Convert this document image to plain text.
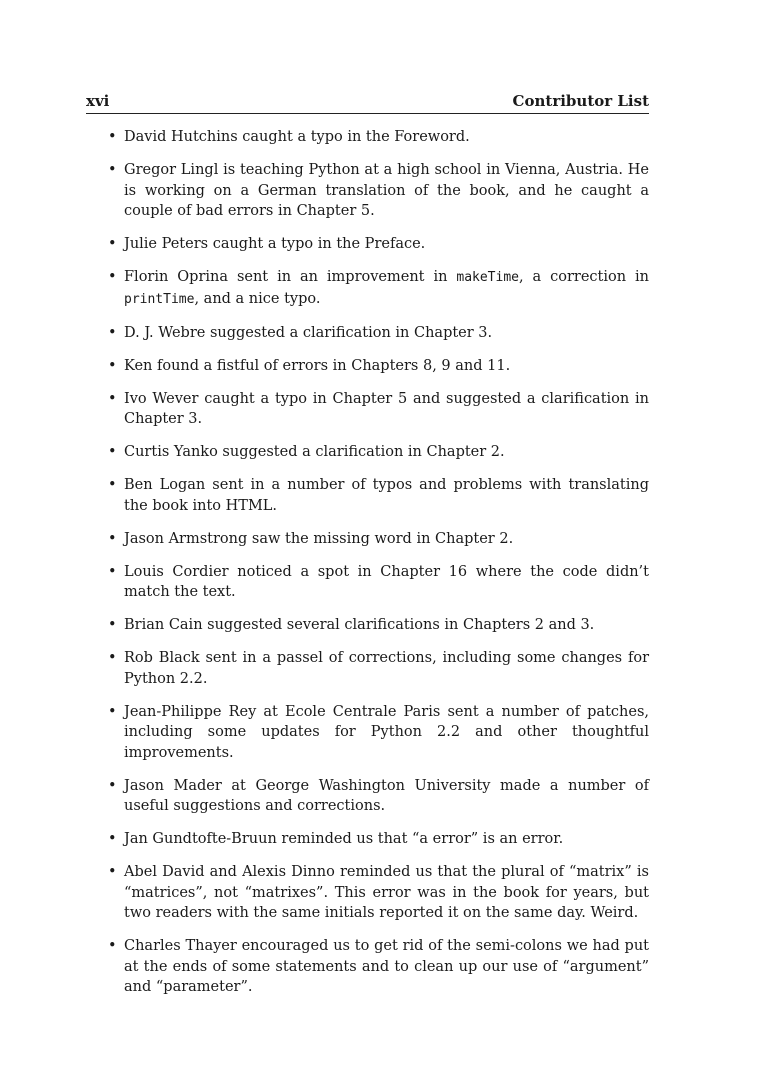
xvi	Contributor List
• David Hutchins caught a typo in the Foreword.
• Gregor Lingl is teaching Python at a high school in Vienna, Austria. He is working on a German translation of the book, and he caught a couple of bad errors in Chapter 5.
• Julie Peters caught a typo in the Preface.
• Florin Oprina sent in an improvement in makeTime, a correction in printTime, and a nice typo.
• D. J. Webre suggested a clarification in Chapter 3.
• Ken found a fistful of errors in Chapters 8, 9 and 11.
• Ivo Wever caught a typo in Chapter 5 and suggested a clarification in Chapter 3.
• Curtis Yanko suggested a clarification in Chapter 2.
• Ben Logan sent in a number of typos and problems with translating the book into HTML.
• Jason Armstrong saw the missing word in Chapter 2.
• Louis Cordier noticed a spot in Chapter 16 where the code didn’t match the text.
• Brian Cain suggested several clarifications in Chapters 2 and 3.
• Rob Black sent in a passel of corrections, including some changes for Python 2.2.
• Jean-Philippe Rey at Ecole Centrale Paris sent a number of patches, including some updates for Python 2.2 and other thoughtful improvements.
• Jason Mader at George Washington University made a number of useful suggestions and corrections.
• Jan Gundtofte-Bruun reminded us that “a error” is an error.
• Abel David and Alexis Dinno reminded us that the plural of “matrix” is “matrices”, not “matrixes”. This error was in the book for years, but two readers with the same initials reported it on the same day. Weird.
• Charles Thayer encouraged us to get rid of the semi-colons we had put at the ends of some statements and to clean up our use of “argument” and “parameter”.
